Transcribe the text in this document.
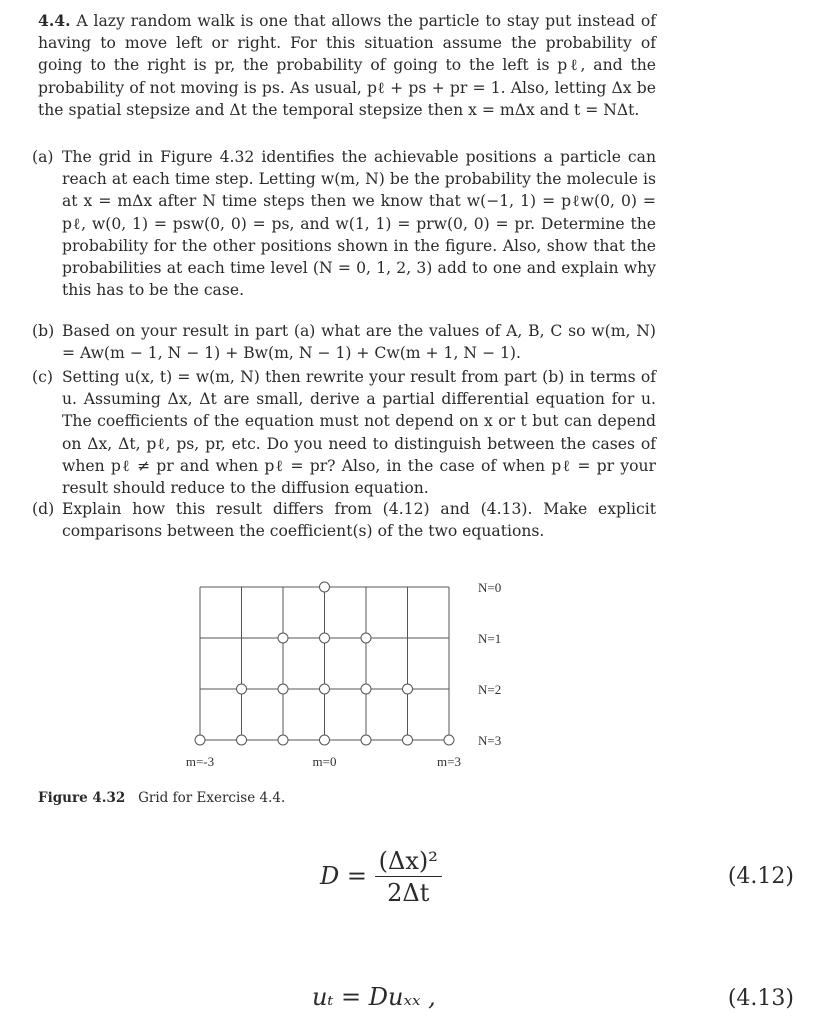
4.4. A lazy random walk is one that allows the particle to stay put instead of having to move left or right. For this situation assume the probability of going to the right is pr, the probability of going to the left is pℓ, and the probability of not moving is ps. As usual, pℓ + ps + pr = 1. Also, letting Δx be the spatial stepsize and Δt the temporal stepsize then x = mΔx and t = NΔt.
(a) The grid in Figure 4.32 identifies the achievable positions a particle can reach at each time step. Letting w(m, N) be the probability the molecule is at x = mΔx after N time steps then we know that w(−1, 1) = pℓw(0, 0) = pℓ, w(0, 1) = psw(0, 0) = ps, and w(1, 1) = prw(0, 0) = pr. Determine the probability for the other positions shown in the figure. Also, show that the probabilities at each time level (N = 0, 1, 2, 3) add to one and explain why this has to be the case.
(b) Based on your result in part (a) what are the values of A, B, C so w(m, N) = Aw(m − 1, N − 1) + Bw(m, N − 1) + Cw(m + 1, N − 1).
(c) Setting u(x, t) = w(m, N) then rewrite your result from part (b) in terms of u. Assuming Δx, Δt are small, derive a partial differential equation for u. The coefficients of the equation must not depend on x or t but can depend on Δx, Δt, pℓ, ps, pr, etc. Do you need to distinguish between the cases of when pℓ ≠ pr and when pℓ = pr? Also, in the case of when pℓ = pr your result should reduce to the diffusion equation.
(d) Explain how this result differs from (4.12) and (4.13). Make explicit comparisons between the coefficient(s) of the two equations.
N=0
N=1
N=2
N=3
m=-3	m=0	m=3
Figure 4.32 Grid for Exercise 4.4.
$D = \frac{\text{(Δx)²}}{2\Delta t}$	(4.12)
uₜ = Duₓₓ ,	(4.13)
